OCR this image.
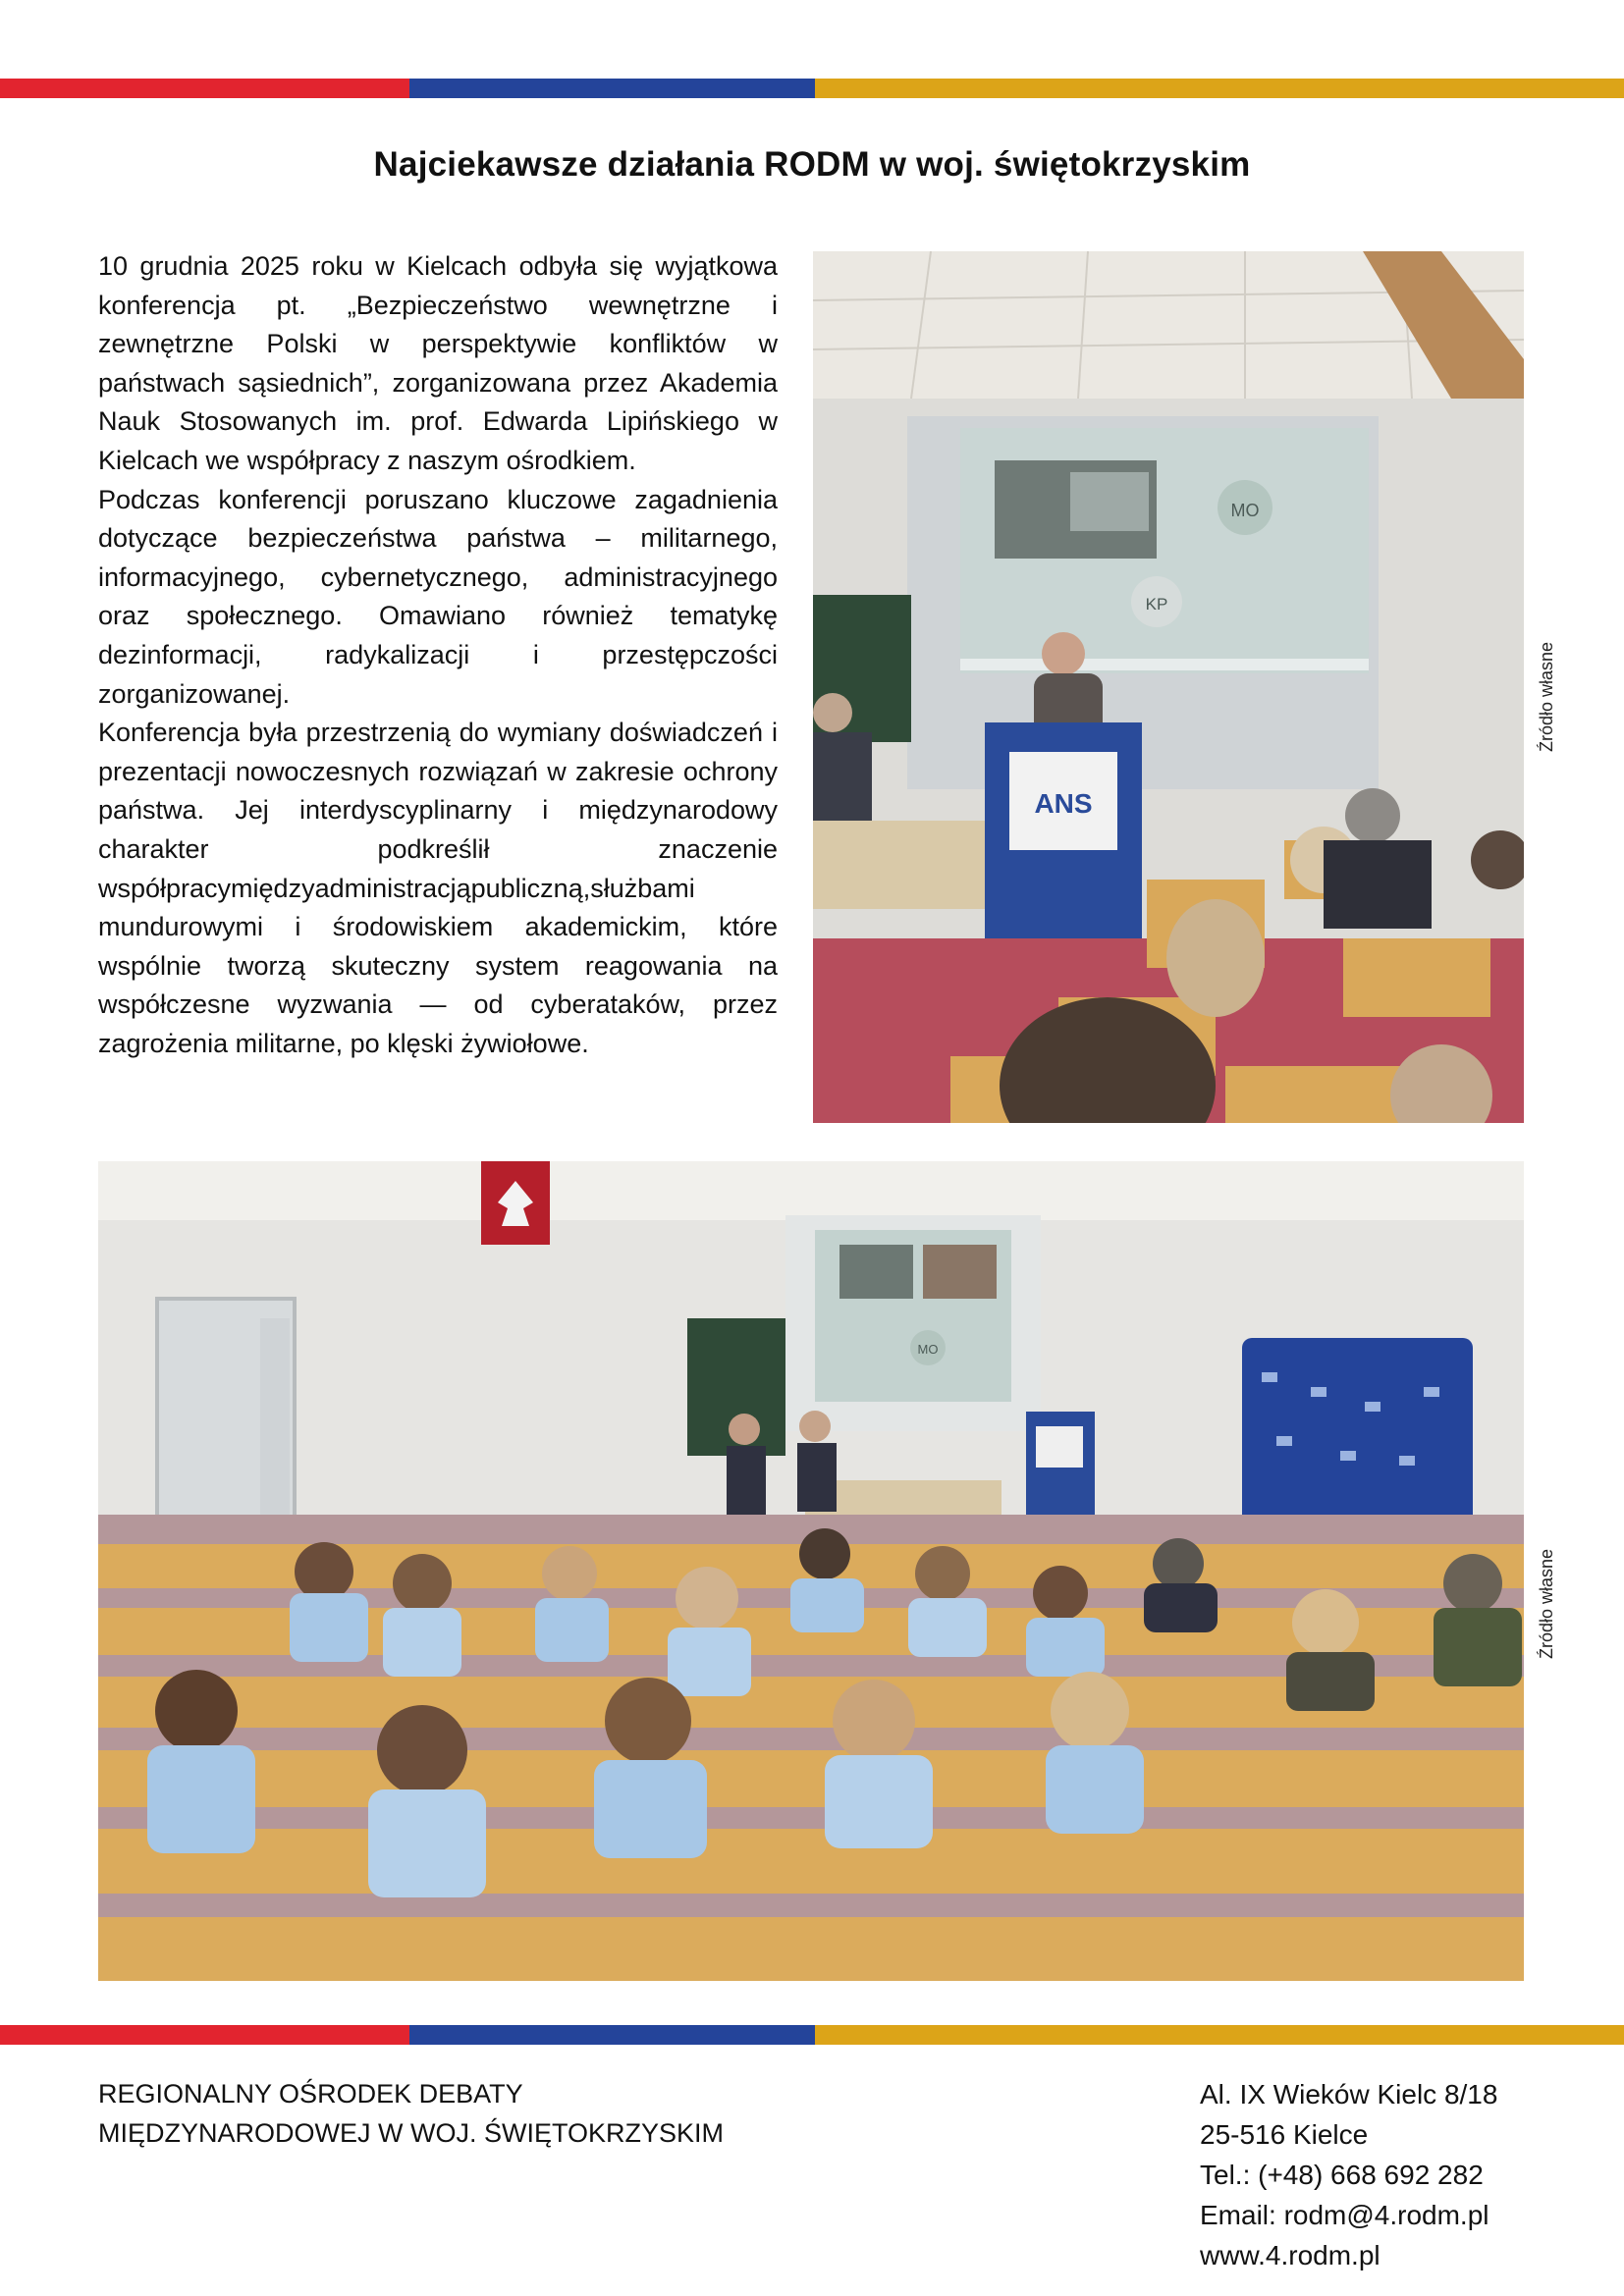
Najciekawsze działania RODM w woj. świętokrzyskim

10 grudnia 2025 roku w Kielcach odbyła się wyjątkowa konferencja pt. „Bezpieczeństwo wewnętrzne i zewnętrzne Polski w perspektywie konfliktów w państwach sąsiednich”, zorganizowana przez Akademia Nauk Stosowanych im. prof. Edwarda Lipińskiego w Kielcach we współpracy z naszym ośrodkiem.

Podczas konferencji poruszano kluczowe zagadnienia dotyczące bezpieczeństwa państwa – militarnego, informacyjnego, cybernetycznego, administracyjnego oraz społecznego. Omawiano również tematykę dezinformacji, radykalizacji i przestępczości zorganizowanej.

Konferencja była przestrzenią do wymiany doświadczeń i prezentacji nowoczesnych rozwiązań w zakresie ochrony państwa. Jej interdyscyplinarny i międzynarodowy charakter podkreślił znaczenie współpracymiędzyadministracjąpubliczną,służbami mundurowymi i środowiskiem akademickim, które wspólnie tworzą skuteczny system reagowania na współczesne wyzwania — od cyberataków, przez zagrożenia militarne, po klęski żywiołowe.

MO
KP
ANS
Źródło własne
MO
Źródło własne
REGIONALNY OŚRODEK DEBATY
MIĘDZYNARODOWEJ W WOJ. ŚWIĘTOKRZYSKIM
Al. IX Wieków Kielc 8/18
25-516 Kielce
Tel.: (+48) 668 692 282
Email: rodm@4.rodm.pl
www.4.rodm.pl
